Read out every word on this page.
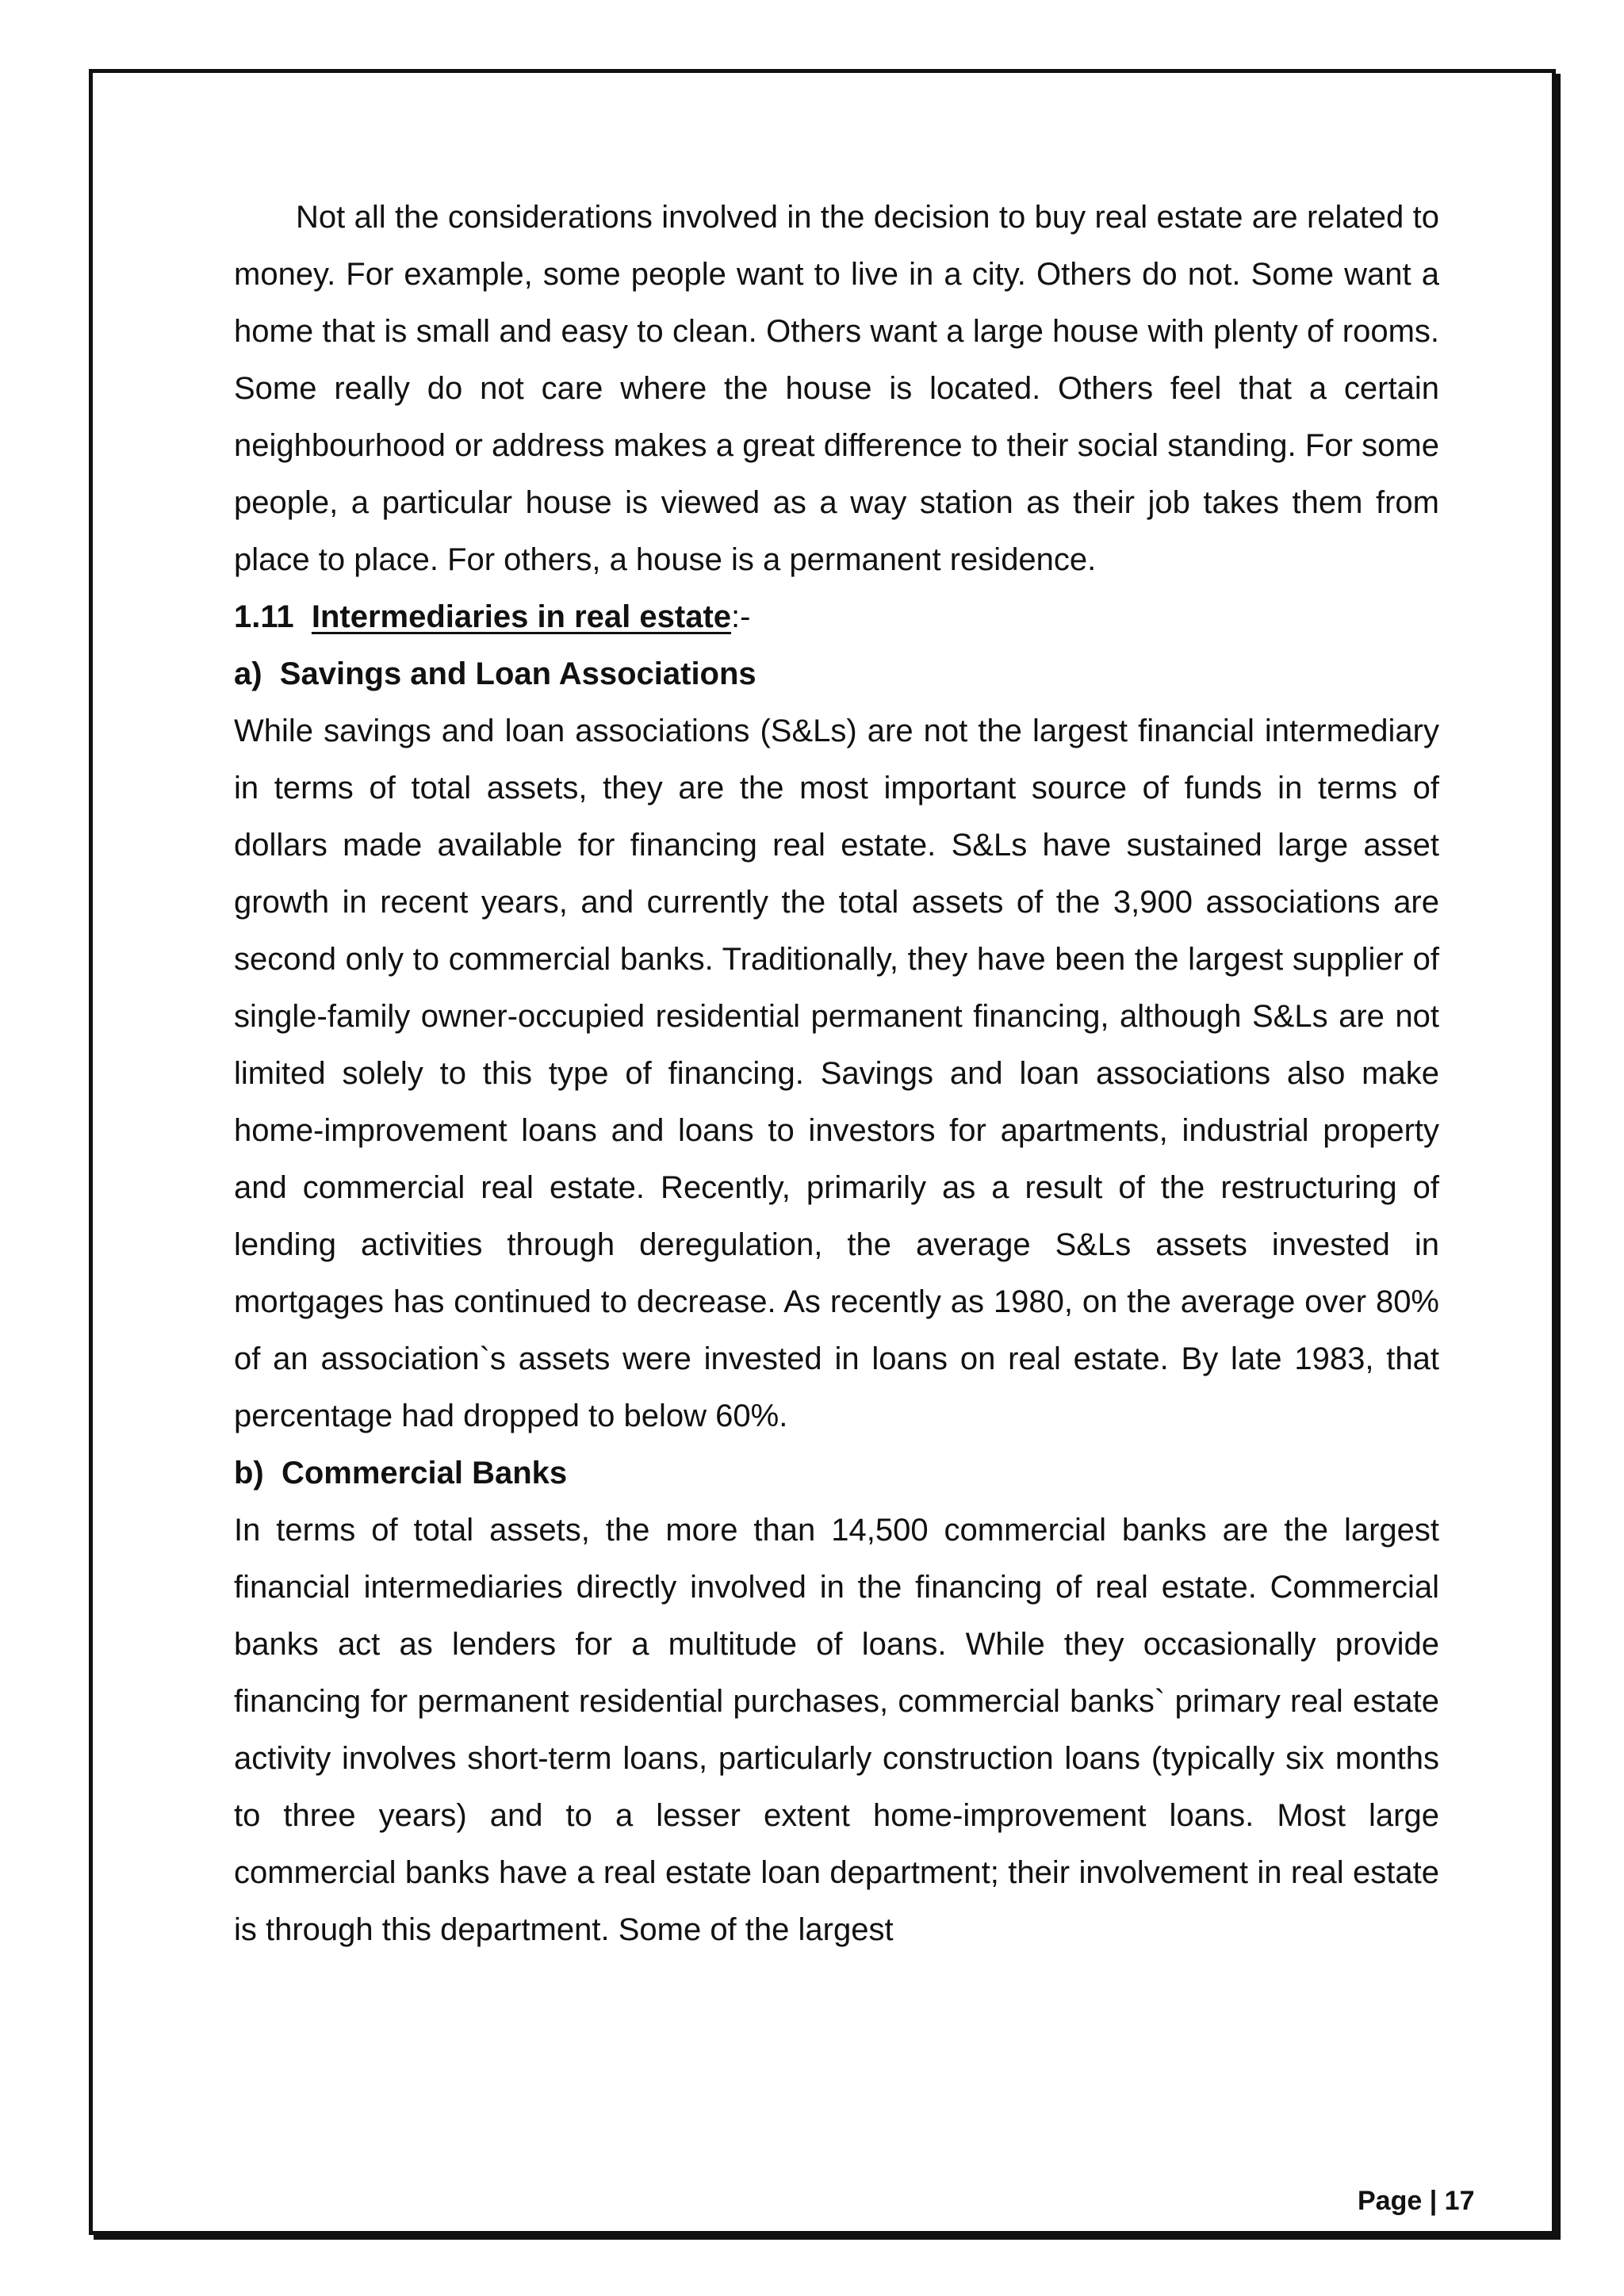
Not all the considerations involved in the decision to buy real estate are related to money. For example, some people want to live in a city. Others do not. Some want a home that is small and easy to clean. Others want a large house with plenty of rooms. Some really do not care where the house is located. Others feel that a certain neighbourhood or address makes a great difference to their social standing. For some people, a particular house is viewed as a way station as their job takes them from place to place. For others, a house is a permanent residence.

1.11  Intermediaries in real estate:-

a)  Savings and Loan Associations

While savings and loan associations (S&Ls) are not the largest financial intermediary in terms of total assets, they are the most important source of funds in terms of dollars made available for financing real estate. S&Ls have sustained large asset growth in recent years, and currently the total assets of the 3,900 associations are second only to commercial banks. Traditionally, they have been the largest supplier of single-family owner-occupied residential permanent financing, although S&Ls are not limited solely to this type of financing. Savings and loan associations also make home-improvement loans and loans to investors for apartments, industrial property and commercial real estate. Recently, primarily as a result of the restructuring of lending activities through deregulation, the average S&Ls assets invested in mortgages has continued to decrease. As recently as 1980, on the average over 80% of an association`s assets were invested in loans on real estate. By late 1983, that percentage had dropped to below 60%.

b)  Commercial Banks

In terms of total assets, the more than 14,500 commercial banks are the largest financial intermediaries directly involved in the financing of real estate. Commercial banks act as lenders for a multitude of loans. While they occasionally provide financing for permanent residential purchases, commercial banks` primary real estate activity involves short-term loans, particularly construction loans (typically six months to three years) and to a lesser extent home-improvement loans. Most large commercial banks have a real estate loan department; their involvement in real estate is through this department. Some of the largest

Page | 17
